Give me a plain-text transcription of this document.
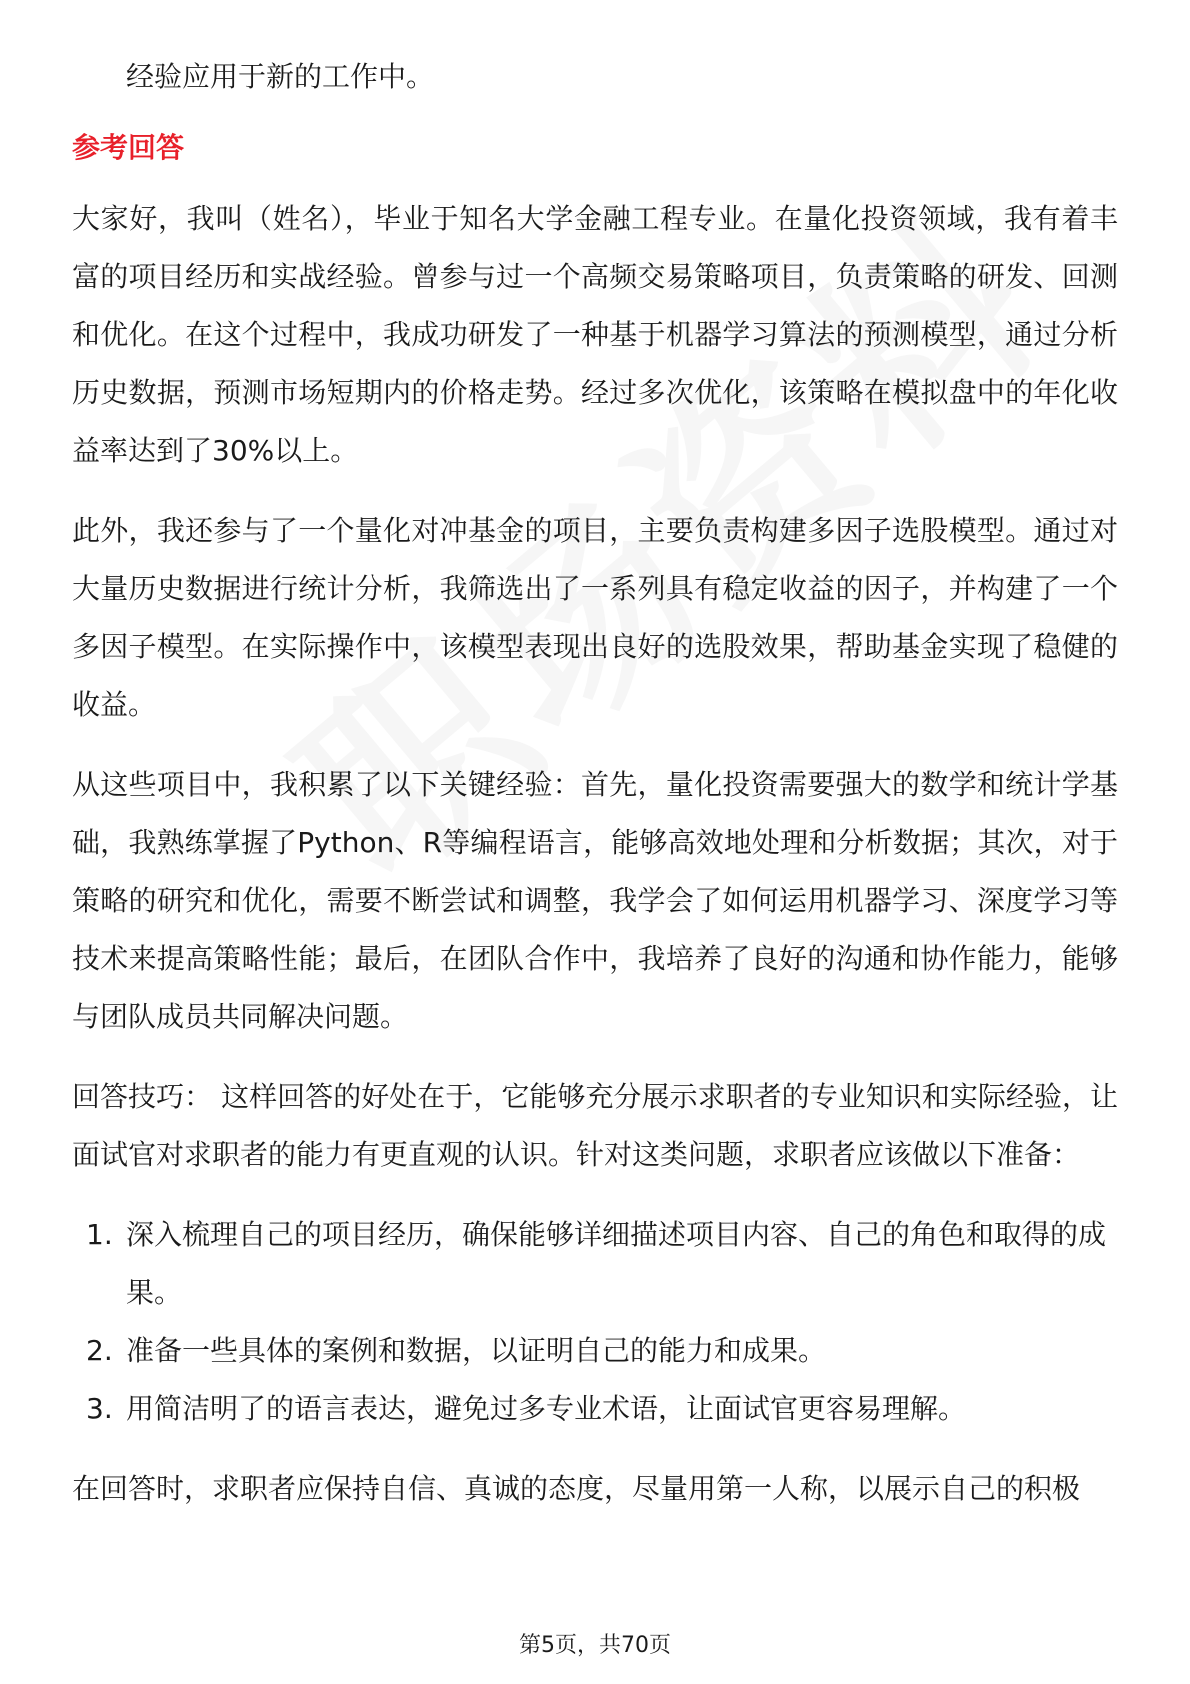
经验应用于新的工作中。

参考回答

大家好，我叫（姓名），毕业于知名大学金融工程专业。在量化投资领域，我有着丰富的项目经历和实战经验。曾参与过一个高频交易策略项目，负责策略的研发、回测和优化。在这个过程中，我成功研发了一种基于机器学习算法的预测模型，通过分析历史数据，预测市场短期内的价格走势。经过多次优化，该策略在模拟盘中的年化收益率达到了30%以上。

此外，我还参与了一个量化对冲基金的项目，主要负责构建多因子选股模型。通过对大量历史数据进行统计分析，我筛选出了一系列具有稳定收益的因子，并构建了一个多因子模型。在实际操作中，该模型表现出良好的选股效果，帮助基金实现了稳健的收益。

从这些项目中，我积累了以下关键经验：首先，量化投资需要强大的数学和统计学基础，我熟练掌握了Python、R等编程语言，能够高效地处理和分析数据；其次，对于策略的研究和优化，需要不断尝试和调整，我学会了如何运用机器学习、深度学习等技术来提高策略性能；最后，在团队合作中，我培养了良好的沟通和协作能力，能够与团队成员共同解决问题。

回答技巧： 这样回答的好处在于，它能够充分展示求职者的专业知识和实际经验，让面试官对求职者的能力有更直观的认识。针对这类问题，求职者应该做以下准备：

1. 深入梳理自己的项目经历，确保能够详细描述项目内容、自己的角色和取得的成果。
2. 准备一些具体的案例和数据，以证明自己的能力和成果。
3. 用简洁明了的语言表达，避免过多专业术语，让面试官更容易理解。

在回答时，求职者应保持自信、真诚的态度，尽量用第一人称，以展示自己的积极

第5页，共70页
